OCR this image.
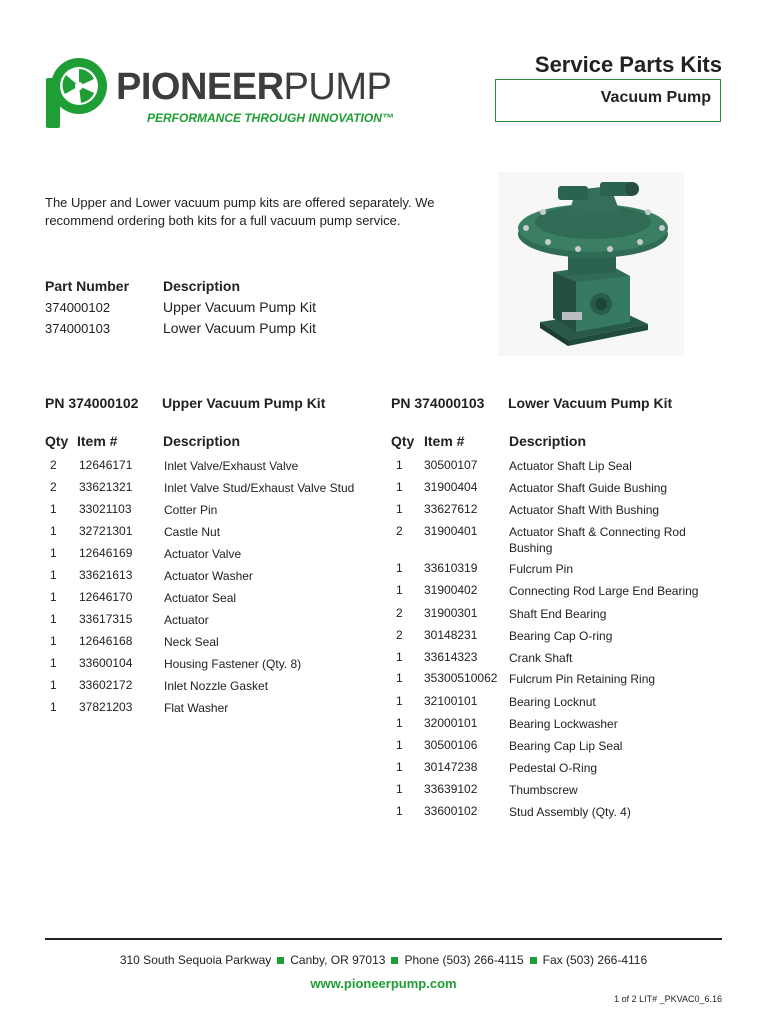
PIONEERPUMP
PERFORMANCE THROUGH INNOVATION™
Service Parts Kits
Vacuum Pump
The Upper and Lower vacuum pump kits are offered separately. We recommend ordering both kits for a full vacuum pump service.
Part Number Description
374000102	Upper Vacuum Pump Kit
374000103	Lower Vacuum Pump Kit
PN 374000102 Upper Vacuum Pump Kit
Qty Item #	Description
2 12646171	Inlet Valve/Exhaust Valve
2 33621321	Inlet Valve Stud/Exhaust Valve Stud
1 33021103	Cotter Pin
1 32721301	Castle Nut
1 12646169	Actuator Valve
1 33621613	Actuator Washer
1 12646170	Actuator Seal
1 33617315	Actuator
1 12646168	Neck Seal
1 33600104	Housing Fastener (Qty. 8)
1 33602172	Inlet Nozzle Gasket
1 37821203	Flat Washer
PN 374000103 Lower Vacuum Pump Kit
Qty Item #	Description
1 30500107	Actuator Shaft Lip Seal
1 31900404	Actuator Shaft Guide Bushing
1 33627612	Actuator Shaft With Bushing
2 31900401	Actuator Shaft & Connecting Rod Bushing
1 33610319	Fulcrum Pin
1 31900402	Connecting Rod Large End Bearing
2 31900301	Shaft End Bearing
2 30148231	Bearing Cap O-ring
1 33614323	Crank Shaft
1 35300510062 Fulcrum Pin Retaining Ring
1 32100101	Bearing Locknut
1 32000101	Bearing Lockwasher
1 30500106	Bearing Cap Lip Seal
1 30147238	Pedestal O-Ring
1 33639102	Thumbscrew
1 33600102	Stud Assembly (Qty. 4)
310 South Sequoia Parkway Canby, OR 97013 Phone (503) 266-4115 Fax (503) 266-4116
www.pioneerpump.com
1 of 2 LIT# _PKVAC0_6.16
